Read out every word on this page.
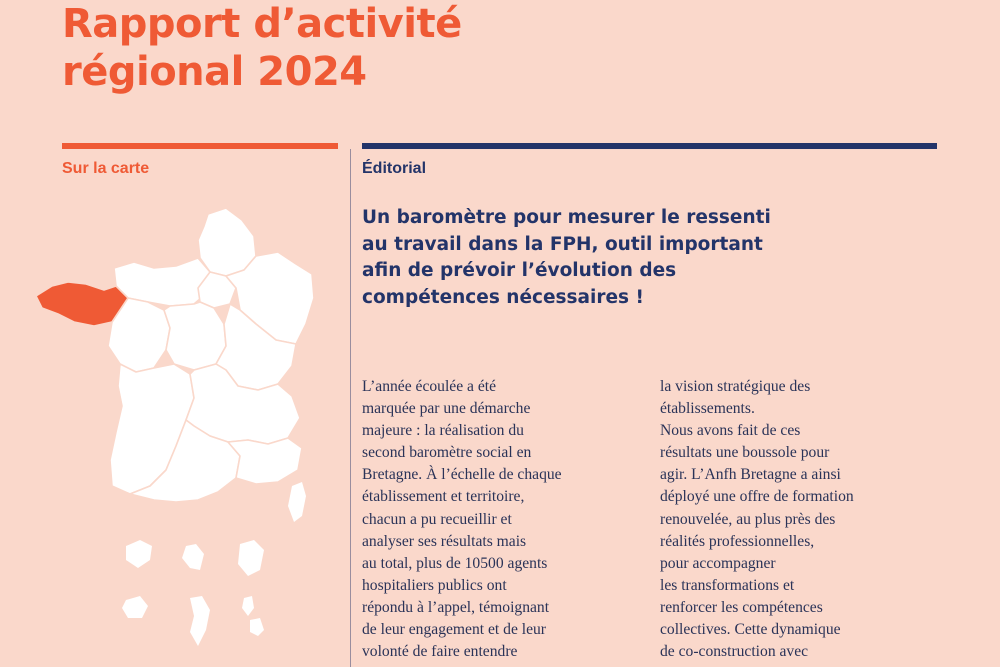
Rapport d’activité
régional 2024
Sur la carte	Éditorial
Un baromètre pour mesurer le ressenti
au travail dans la FPH, outil important
afin de prévoir l’évolution des
compétences nécessaires !
L’année écoulée a été
marquée par une démarche
majeure : la réalisation du
second baromètre social en
Bretagne. À l’échelle de chaque
établissement et territoire,
chacun a pu recueillir et
analyser ses résultats mais
au total, plus de 10500 agents
hospitaliers publics ont
répondu à l’appel, témoignant
de leur engagement et de leur
volonté de faire entendre
la vision stratégique des
établissements.
Nous avons fait de ces
résultats une boussole pour
agir. L’Anfh Bretagne a ainsi
déployé une offre de formation
renouvelée, au plus près des
réalités professionnelles,
pour accompagner
les transformations et
renforcer les compétences
collectives. Cette dynamique
de co-construction avec
